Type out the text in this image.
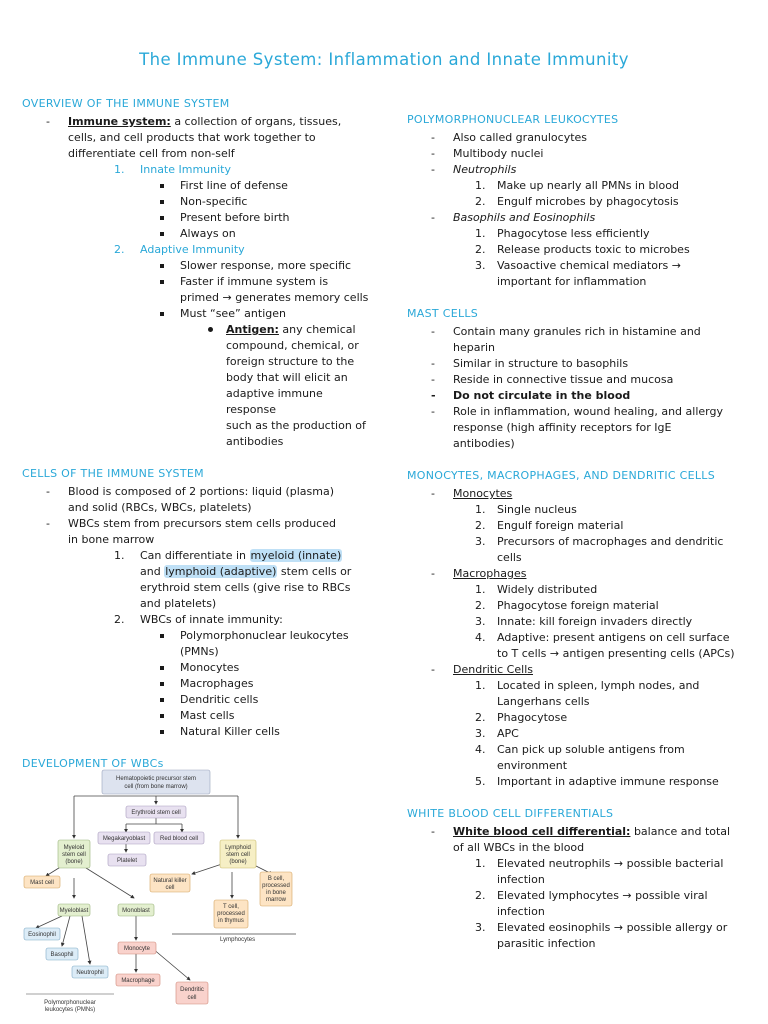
The Immune System: Inflammation and Innate Immunity
OVERVIEW OF THE IMMUNE SYSTEM
- Immune system: a collection of organs, tissues,
cells, and cell products that work together to
differentiate cell from non-self
1. Innate Immunity
First line of defense
Non-specific
Present before birth
Always on
2. Adaptive Immunity
Slower response, more specific
Faster if immune system is
primed → generates memory cells
Must “see” antigen
Antigen: any chemical
compound, chemical, or
foreign structure to the
body that will elicit an
adaptive immune response
such as the production of
antibodies
CELLS OF THE IMMUNE SYSTEM
- Blood is composed of 2 portions: liquid (plasma)
and solid (RBCs, WBCs, platelets)
- WBCs stem from precursors stem cells produced
in bone marrow
1. Can differentiate in myeloid (innate)
and lymphoid (adaptive) stem cells or
erythroid stem cells (give rise to RBCs
and platelets)
2. WBCs of innate immunity:
Polymorphonuclear leukocytes
(PMNs)
Monocytes
Macrophages
Dendritic cells
Mast cells
Natural Killer cells
DEVELOPMENT OF WBCs
Hematopoietic precursor stem
cell (from bone marrow)
Erythroid stem cell
Megakaryoblast Red blood cell
Platelet
Myeloid
stem cell
(bone)
Lymphoid
stem cell
(bone)
Mast cell
Myeloblast	Monoblast
Natural killer
cell
T cell,
processed
in thymus
B cell,
processed
in bone
marrow
Lymphocytes
Eosinophil
Basophil
Neutrophil
Monocyte
Macrophage
Dendritic
cell
Polymorphonuclear
leukocytes (PMNs)
POLYMORPHONUCLEAR LEUKOCYTES
- Also called granulocytes
- Multibody nuclei
- Neutrophils
1. Make up nearly all PMNs in blood
2. Engulf microbes by phagocytosis
- Basophils and Eosinophils
1. Phagocytose less efficiently
2. Release products toxic to microbes
3. Vasoactive chemical mediators →
important for inflammation
MAST CELLS
- Contain many granules rich in histamine and
heparin
- Similar in structure to basophils
- Reside in connective tissue and mucosa
- Do not circulate in the blood
- Role in inflammation, wound healing, and allergy
response (high affinity receptors for IgE
antibodies)
MONOCYTES, MACROPHAGES, AND DENDRITIC CELLS
- Monocytes
1. Single nucleus
2. Engulf foreign material
3. Precursors of macrophages and dendritic
cells
- Macrophages
1. Widely distributed
2. Phagocytose foreign material
3. Innate: kill foreign invaders directly
4. Adaptive: present antigens on cell surface
to T cells → antigen presenting cells (APCs)
- Dendritic Cells
1. Located in spleen, lymph nodes, and
Langerhans cells
2. Phagocytose
3. APC
4. Can pick up soluble antigens from
environment
5. Important in adaptive immune response
WHITE BLOOD CELL DIFFERENTIALS
- White blood cell differential: balance and total
of all WBCs in the blood
1. Elevated neutrophils → possible bacterial
infection
2. Elevated lymphocytes → possible viral
infection
3. Elevated eosinophils → possible allergy or
parasitic infection
